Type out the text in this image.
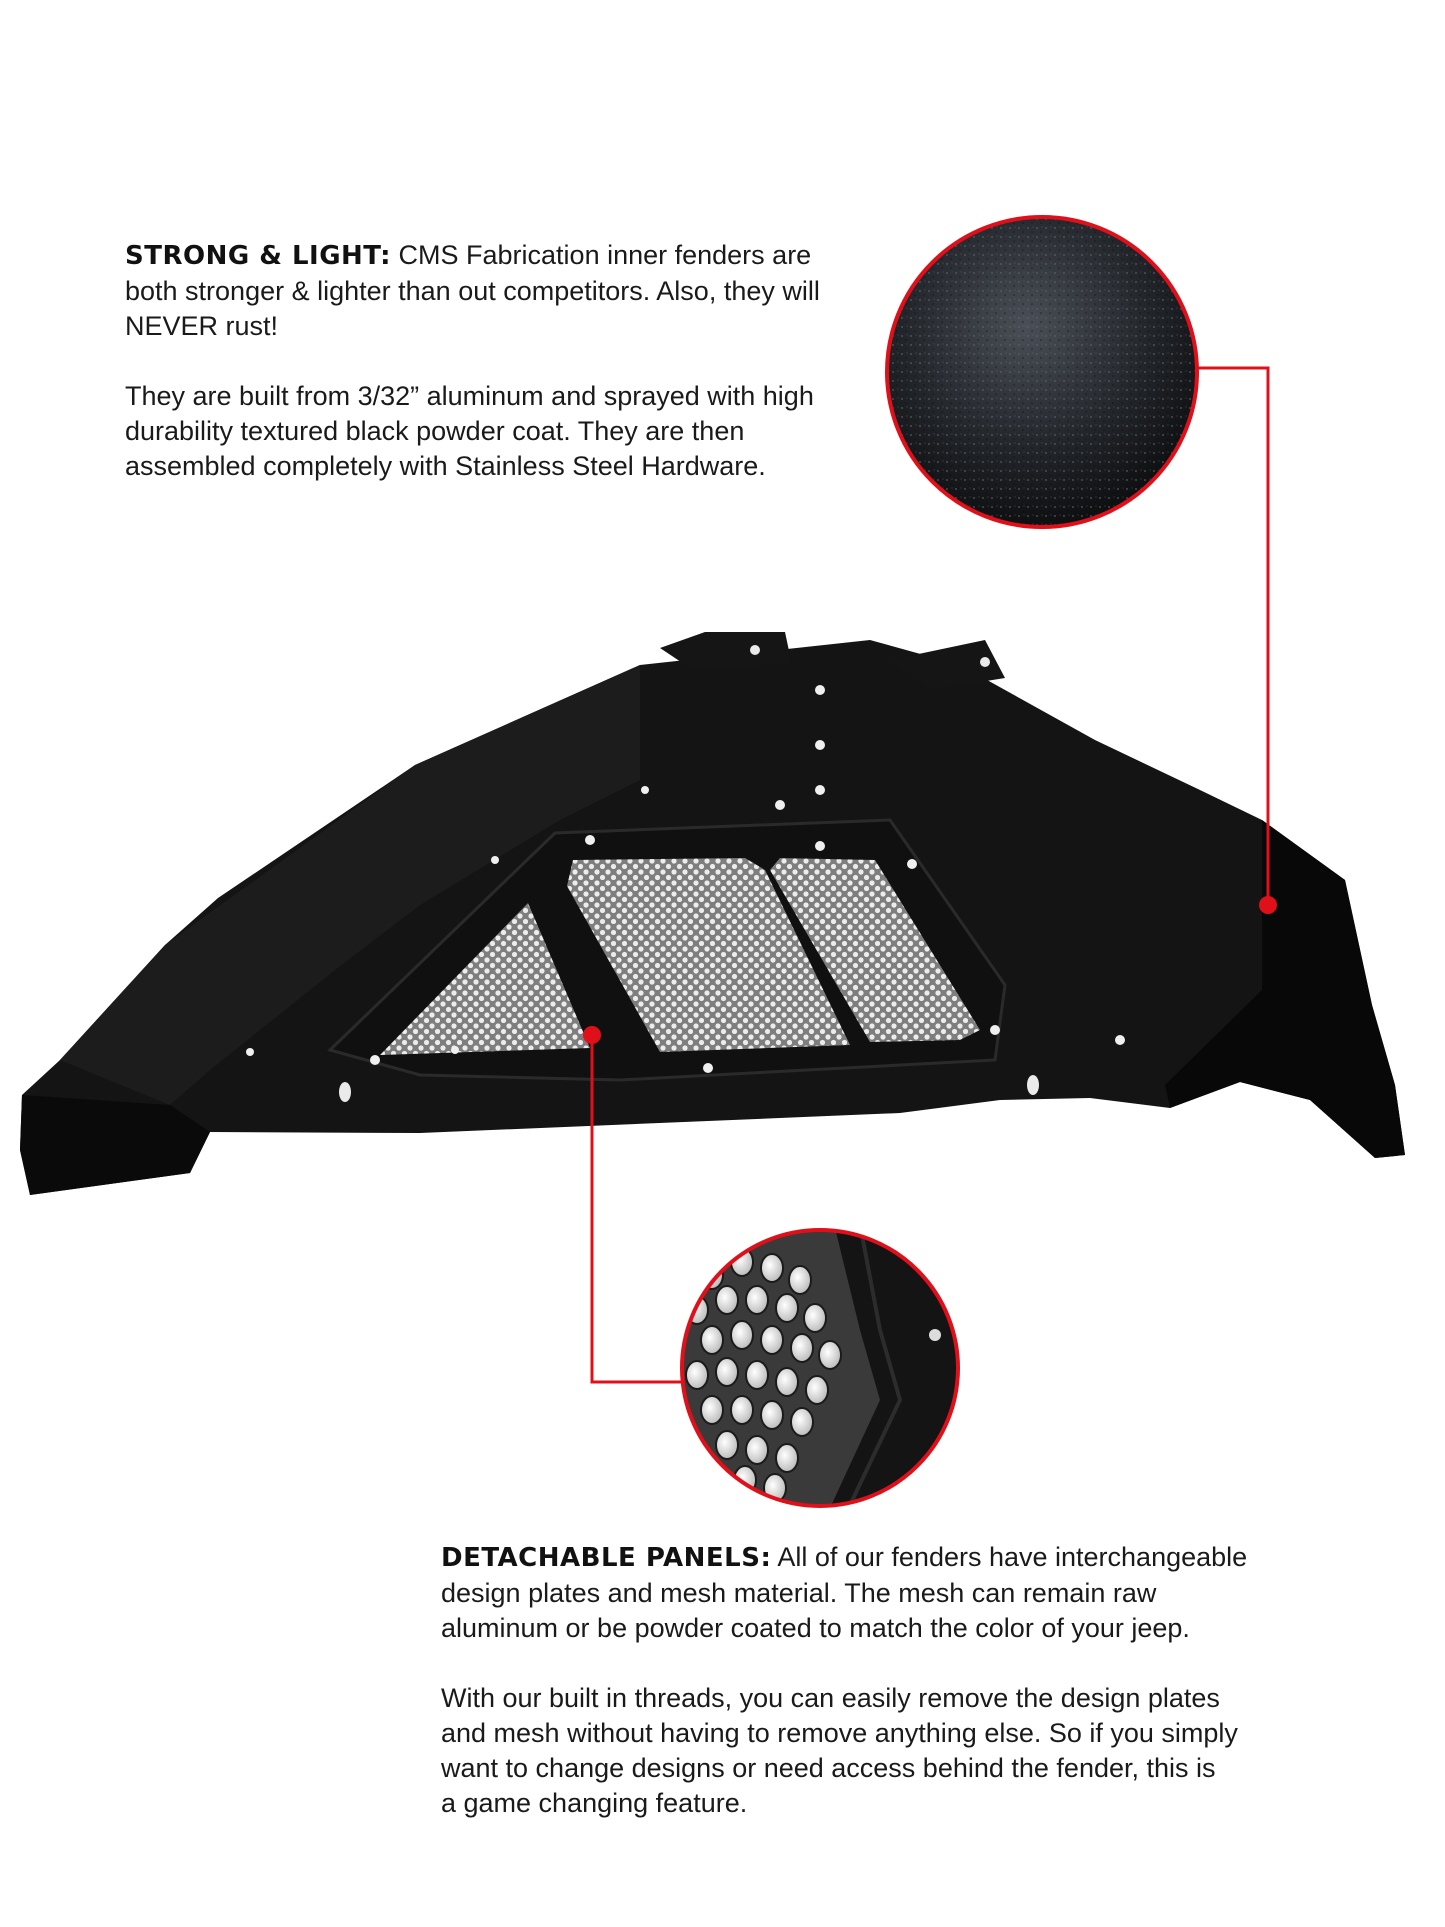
STRONG & LIGHT: CMS Fabrication inner fenders are

both stronger & lighter than out competitors. Also, they will

NEVER rust!

They are built from 3/32” aluminum and sprayed with high

durability textured black powder coat. They are then

assembled completely with Stainless Steel Hardware.

DETACHABLE PANELS: All of our fenders have interchangeable

design plates and mesh material. The mesh can remain raw

aluminum or be powder coated to match the color of your jeep.

With our built in threads, you can easily remove the design plates

and mesh without having to remove anything else. So if you simply

want to change designs or need access behind the fender, this is

a game changing feature.
